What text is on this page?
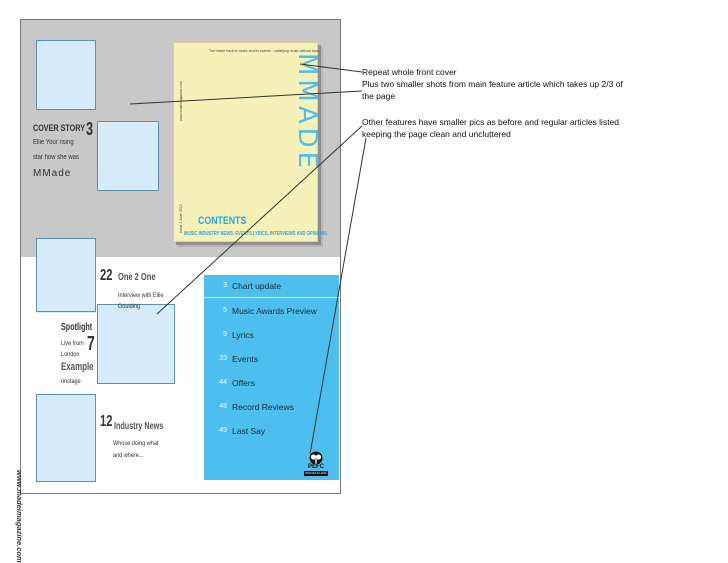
The inside track to music and its scenes - satisfying music without fuss...
MMADE
Issue 1 June 2010 CONTENTS
MUSIC INDUSTRY NEWS, EVENTS LYRICS, INTERVIEWS AND OPINIONS
COVER STORY 3
Ellie Your rising
star how she was
MMade
22 One 2 One
Interview with Ellie
Goulding
Spotlight
Live from
London 7
Example
onstage
12 Industry News
Whose doing what
and where...
www.madeimagazine.com
3 Chart update
5 Music Awards Preview
9 Lyrics
33 Events
44 Offers
48 Record Reviews
49 Last Say
PEFC
PEFC/10-31-1034
Repeat whole front cover
Plus two smaller shots from main feature article which takes up 2/3 of
the page
Other features have smaller pics as before and regular articles listed
keeping the page clean and uncluttered
